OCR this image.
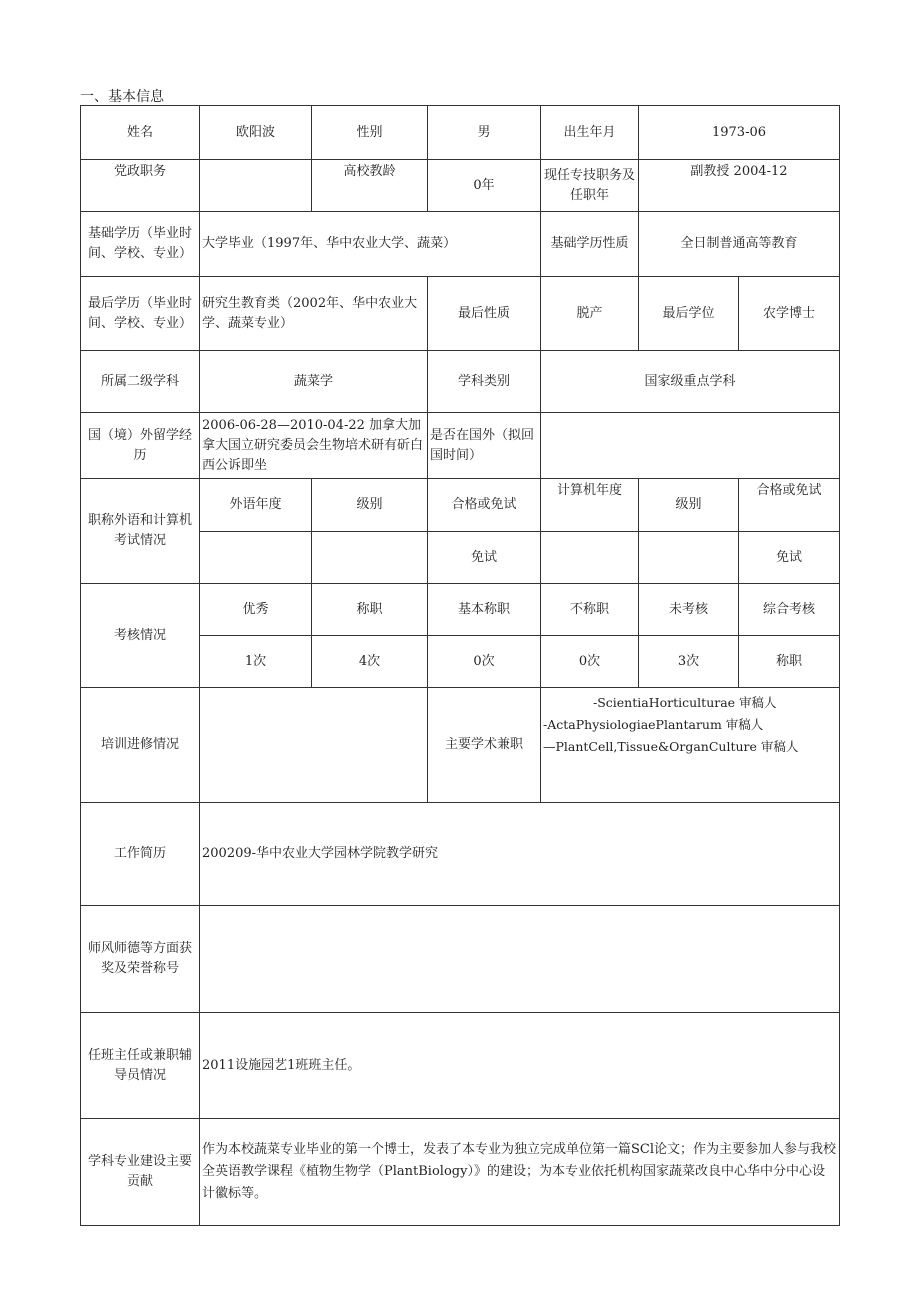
一、基本信息
姓名	欧阳波	性别	男	出生年月	1973-06	
党政职务		高校教龄	0年	现任专技职务及任职年	副教授 2004-12	
基础学历（毕业时间、学校、专业）	大学毕业（1997年、华中农业大学、蔬菜）			基础学历性质	全日制普通高等教育	
最后学历（毕业时间、学校、专业）	研究生教育类（2002年、华中农业大学、蔬菜专业）		最后性质	脱产	最后学位	农学博士
所属二级学科	蔬菜学		学科类别	国家级重点学科		
国（境）外留学经历	2006-06-28—2010-04-22 加拿大加拿大国立研究委员会生物培术研有斫白西公诉即坐		是否在国外（拟回国时间）			
职称外语和计算机考试情况	外语年度	级别	合格或免试	计算机年度	级别	合格或免试
			免试			免试
考核情况	优秀	称职	基本称职	不称职	未考核	综合考核
	1次	4次	0次	0次	3次	称职
培训进修情况			主要学术兼职	-ScientiaHorticulturae 审稿人
-ActaPhysiologiaePlantarum 审稿人
—PlantCell,Tissue&OrganCulture 审稿人		

工作简历	200209-华中农业大学园林学院教学研究					
师风师德等方面获奖及荣誉称号						
任班主任或兼职辅导员情况	2011设施园艺1班班主任。					
学科专业建设主要贡献	作为本校蔬菜专业毕业的第一个博士，发表了本专业为独立完成单位第一篇SCl论文；作为主要参加人参与我校全英语教学课程《植物生物学（PlantBiology）》的建设；为本专业依托机构国家蔬菜改良中心华中分中心设计徽标等。					
